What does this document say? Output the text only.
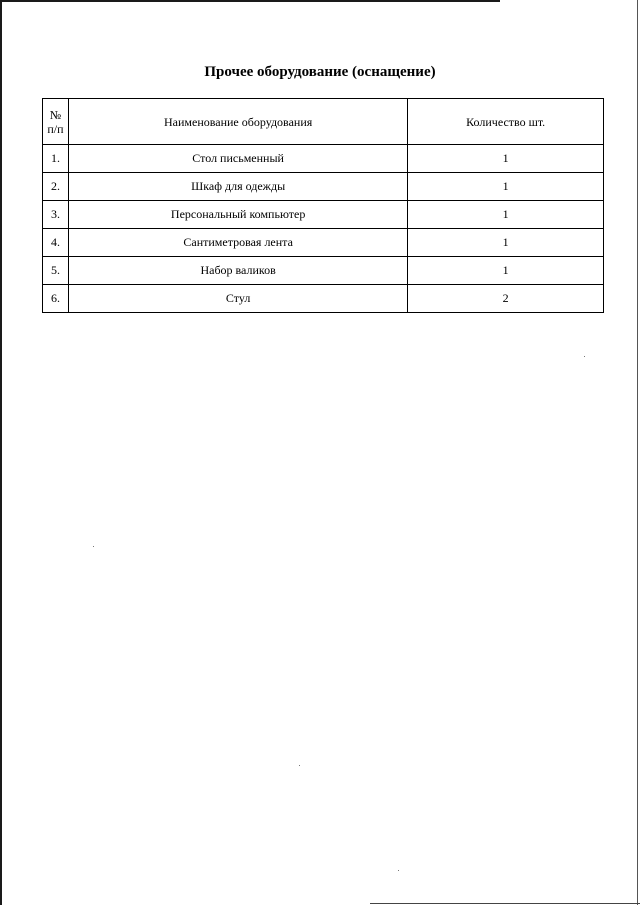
Прочее оборудование (оснащение)
№
п/п	Наименование оборудования	Количество шт.
1.	Стол письменный	1
2.	Шкаф для одежды	1
3.	Персональный компьютер	1
4.	Сантиметровая лента	1
5.	Набор валиков	1
6.	Стул	2
